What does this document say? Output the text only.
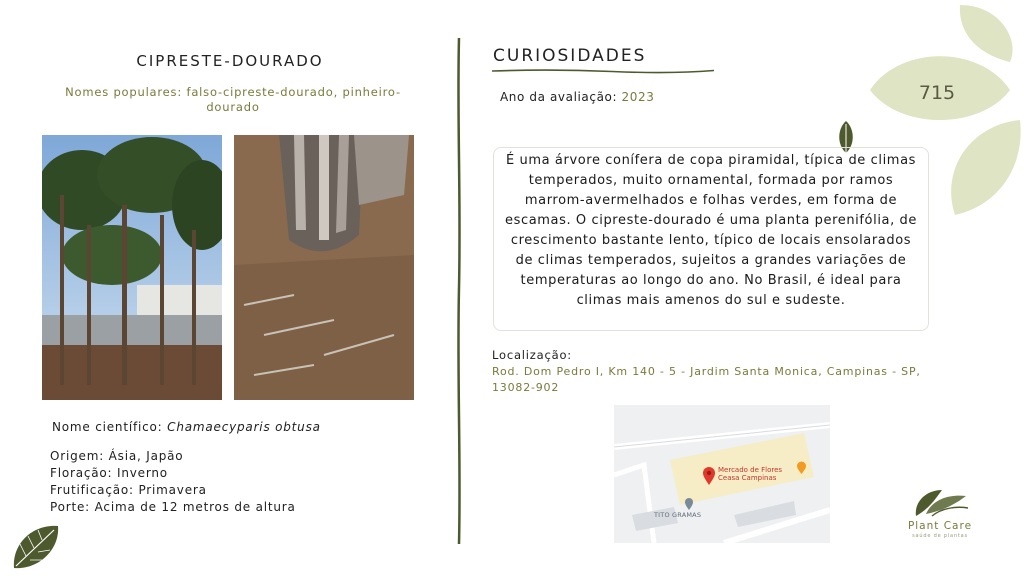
715
CIPRESTE-DOURADO
Nomes populares: falso-cipreste-dourado, pinheiro-dourado
Nome científico: Chamaecyparis obtusa
Origem: Ásia, Japão
Floração: Inverno
Frutificação: Primavera
Porte: Acima de 12 metros de altura
CURIOSIDADES
Ano da avaliação: 2023
É uma árvore conífera de copa piramidal, típica de climas temperados, muito ornamental, formada por ramos marrom-avermelhados e folhas verdes, em forma de escamas. O cipreste-dourado é uma planta perenifólia, de crescimento bastante lento, típico de locais ensolarados de climas temperados, sujeitos a grandes variações de temperaturas ao longo do ano. No Brasil, é ideal para climas mais amenos do sul e sudeste.
Localização:
Rod. Dom Pedro I, Km 140 - 5 - Jardim Santa Monica, Campinas - SP, 13082-902
Mercado de Flores
Ceasa Campinas
TITO GRAMAS
Plant Care
saúde de plantas
